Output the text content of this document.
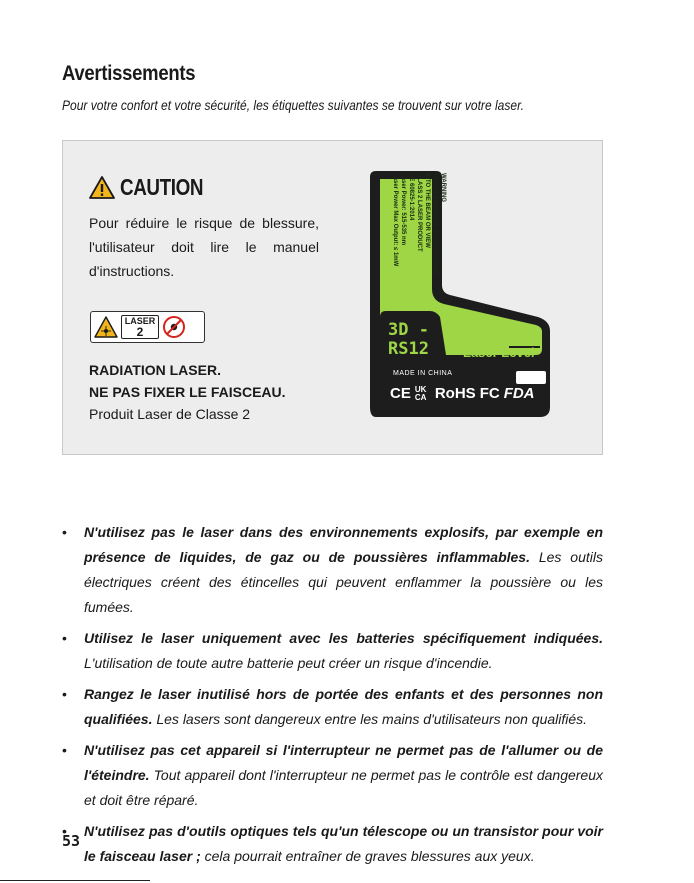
Avertissements
Pour votre confort et votre sécurité, les étiquettes suivantes se trouvent sur votre laser.
CAUTION
Pour réduire le risque de blessure, l'utilisateur doit lire le manuel d'instructions.
LASER
2
RADIATION LASER.
NE PAS FIXER LE FAISCEAU.
Produit Laser de Classe 2
WARNING
LASER RADIATION DO NOT STARE
INTO THE BEAM OR VIEW
CLASS 2 LASER PRODUCT
CE 60825-1:2014
Laser Power: 515-535 nm
Laser Power Max Output: ≤ 1mW
3D -
RS12	Laser Level
MADE IN CHINA
CE UK CA RoHS FC FDA
• N'utilisez pas le laser dans des environnements explosifs, par exemple en présence de liquides, de gaz ou de poussières inflammables. Les outils électriques créent des étincelles qui peuvent enflammer la poussière ou les fumées.
• Utilisez le laser uniquement avec les batteries spécifiquement indiquées. L'utilisation de toute autre batterie peut créer un risque d'incendie.
• Rangez le laser inutilisé hors de portée des enfants et des personnes non qualifiées. Les lasers sont dangereux entre les mains d'utilisateurs non qualifiés.
• N'utilisez pas cet appareil si l'interrupteur ne permet pas de l'allumer ou de l'éteindre. Tout appareil dont l'interrupteur ne permet pas le contrôle est dangereux et doit être réparé.
• N'utilisez pas d'outils optiques tels qu'un télescope ou un transistor pour voir le faisceau laser ; cela pourrait entraîner de graves blessures aux yeux.
53
